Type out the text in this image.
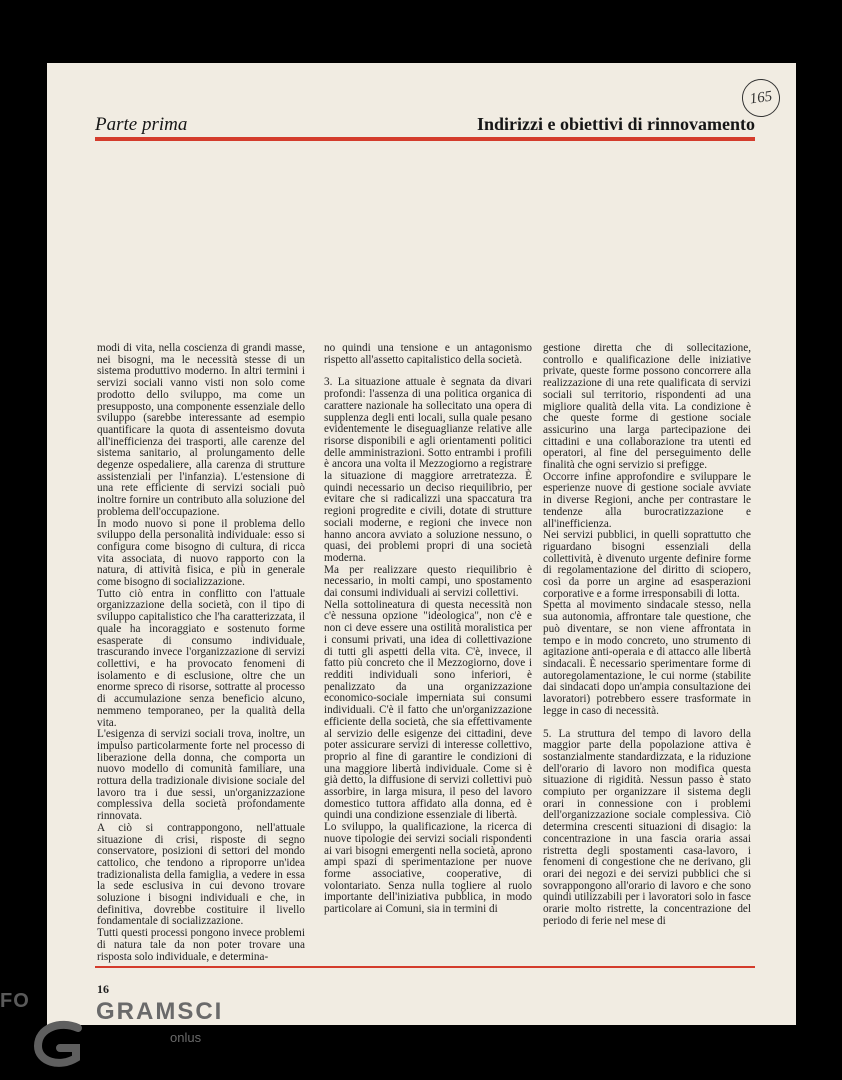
165
Parte prima	Indirizzi e obiettivi di rinnovamento

modi di vita, nella coscienza di grandi masse, nei bisogni, ma le necessità stesse di un sistema produttivo moderno. In altri termini i servizi sociali vanno visti non solo come prodotto dello sviluppo, ma come un presupposto, una componente essenziale dello sviluppo (sarebbe interessante ad esempio quantificare la quota di assenteismo dovuta all'inefficienza dei trasporti, alle carenze del sistema sanitario, al prolungamento delle degenze ospedaliere, alla carenza di strutture assistenziali per l'infanzia). L'estensione di una rete efficiente di servizi sociali può inoltre fornire un contributo alla soluzione del problema dell'occupazione.

In modo nuovo si pone il problema dello sviluppo della personalità individuale: esso si configura come bisogno di cultura, di ricca vita associata, di nuovo rapporto con la natura, di attività fisica, e più in generale come bisogno di socializzazione.

Tutto ciò entra in conflitto con l'attuale organizzazione della società, con il tipo di sviluppo capitalistico che l'ha caratterizzata, il quale ha incoraggiato e sostenuto forme esasperate di consumo individuale, trascurando invece l'organizzazione di servizi collettivi, e ha provocato fenomeni di isolamento e di esclusione, oltre che un enorme spreco di risorse, sottratte al processo di accumulazione senza beneficio alcuno, nemmeno temporaneo, per la qualità della vita.

L'esigenza di servizi sociali trova, inoltre, un impulso particolarmente forte nel processo di liberazione della donna, che comporta un nuovo modello di comunità familiare, una rottura della tradizionale divisione sociale del lavoro tra i due sessi, un'organizzazione complessiva della società profondamente rinnovata.

A ciò si contrappongono, nell'attuale situazione di crisi, risposte di segno conservatore, posizioni di settori del mondo cattolico, che tendono a riproporre un'idea tradizionalista della famiglia, a vedere in essa la sede esclusiva in cui devono trovare soluzione i bisogni individuali e che, in definitiva, dovrebbe costituire il livello fondamentale di socializzazione.

Tutti questi processi pongono invece problemi di natura tale da non poter trovare una risposta solo individuale, e determina-

no quindi una tensione e un antagonismo rispetto all'assetto capitalistico della società.

3. La situazione attuale è segnata da divari profondi: l'assenza di una politica organica di carattere nazionale ha sollecitato una opera di supplenza degli enti locali, sulla quale pesano evidentemente le diseguaglianze relative alle risorse disponibili e agli orientamenti politici delle amministrazioni. Sotto entrambi i profili è ancora una volta il Mezzogiorno a registrare la situazione di maggiore arretratezza. È quindi necessario un deciso riequilibrio, per evitare che si radicalizzi una spaccatura tra regioni progredite e civili, dotate di strutture sociali moderne, e regioni che invece non hanno ancora avviato a soluzione nessuno, o quasi, dei problemi propri di una società moderna.

Ma per realizzare questo riequilibrio è necessario, in molti campi, uno spostamento dai consumi individuali ai servizi collettivi.

Nella sottolineatura di questa necessità non c'è nessuna opzione "ideologica", non c'è e non ci deve essere una ostilità moralistica per i consumi privati, una idea di collettivazione di tutti gli aspetti della vita. C'è, invece, il fatto più concreto che il Mezzogiorno, dove i redditi individuali sono inferiori, è penalizzato da una organizzazione economico-sociale imperniata sui consumi individuali. C'è il fatto che un'organizzazione efficiente della società, che sia effettivamente al servizio delle esigenze dei cittadini, deve poter assicurare servizi di interesse collettivo, proprio al fine di garantire le condizioni di una maggiore libertà individuale. Come si è già detto, la diffusione di servizi collettivi può assorbire, in larga misura, il peso del lavoro domestico tuttora affidato alla donna, ed è quindi una condizione essenziale di libertà.

Lo sviluppo, la qualificazione, la ricerca di nuove tipologie dei servizi sociali rispondenti ai vari bisogni emergenti nella società, aprono ampi spazi di sperimentazione per nuove forme associative, cooperative, di volontariato. Senza nulla togliere al ruolo importante dell'iniziativa pubblica, in modo particolare ai Comuni, sia in termini di

gestione diretta che di sollecitazione, controllo e qualificazione delle iniziative private, queste forme possono concorrere alla realizzazione di una rete qualificata di servizi sociali sul territorio, rispondenti ad una migliore qualità della vita. La condizione è che queste forme di gestione sociale assicurino una larga partecipazione dei cittadini e una collaborazione tra utenti ed operatori, al fine del perseguimento delle finalità che ogni servizio si prefigge.

Occorre infine approfondire e sviluppare le esperienze nuove di gestione sociale avviate in diverse Regioni, anche per contrastare le tendenze alla burocratizzazione e all'inefficienza.

Nei servizi pubblici, in quelli soprattutto che riguardano bisogni essenziali della collettività, è divenuto urgente definire forme di regolamentazione del diritto di sciopero, così da porre un argine ad esasperazioni corporative e a forme irresponsabili di lotta.

Spetta al movimento sindacale stesso, nella sua autonomia, affrontare tale questione, che può diventare, se non viene affrontata in tempo e in modo concreto, uno strumento di agitazione anti-operaia e di attacco alle libertà sindacali. È necessario sperimentare forme di autoregolamentazione, le cui norme (stabilite dai sindacati dopo un'ampia consultazione dei lavoratori) potrebbero essere trasformate in legge in caso di necessità.

5. La struttura del tempo di lavoro della maggior parte della popolazione attiva è sostanzialmente standardizzata, e la riduzione dell'orario di lavoro non modifica questa situazione di rigidità. Nessun passo è stato compiuto per organizzare il sistema degli orari in connessione con i problemi dell'organizzazione sociale complessiva. Ciò determina crescenti situazioni di disagio: la concentrazione in una fascia oraria assai ristretta degli spostamenti casa-lavoro, i fenomeni di congestione che ne derivano, gli orari dei negozi e dei servizi pubblici che si sovrappongono all'orario di lavoro e che sono quindi utilizzabili per i lavoratori solo in fasce orarie molto ristrette, la concentrazione del periodo di ferie nel mese di

16
FO	GRAMSCI
onlus
